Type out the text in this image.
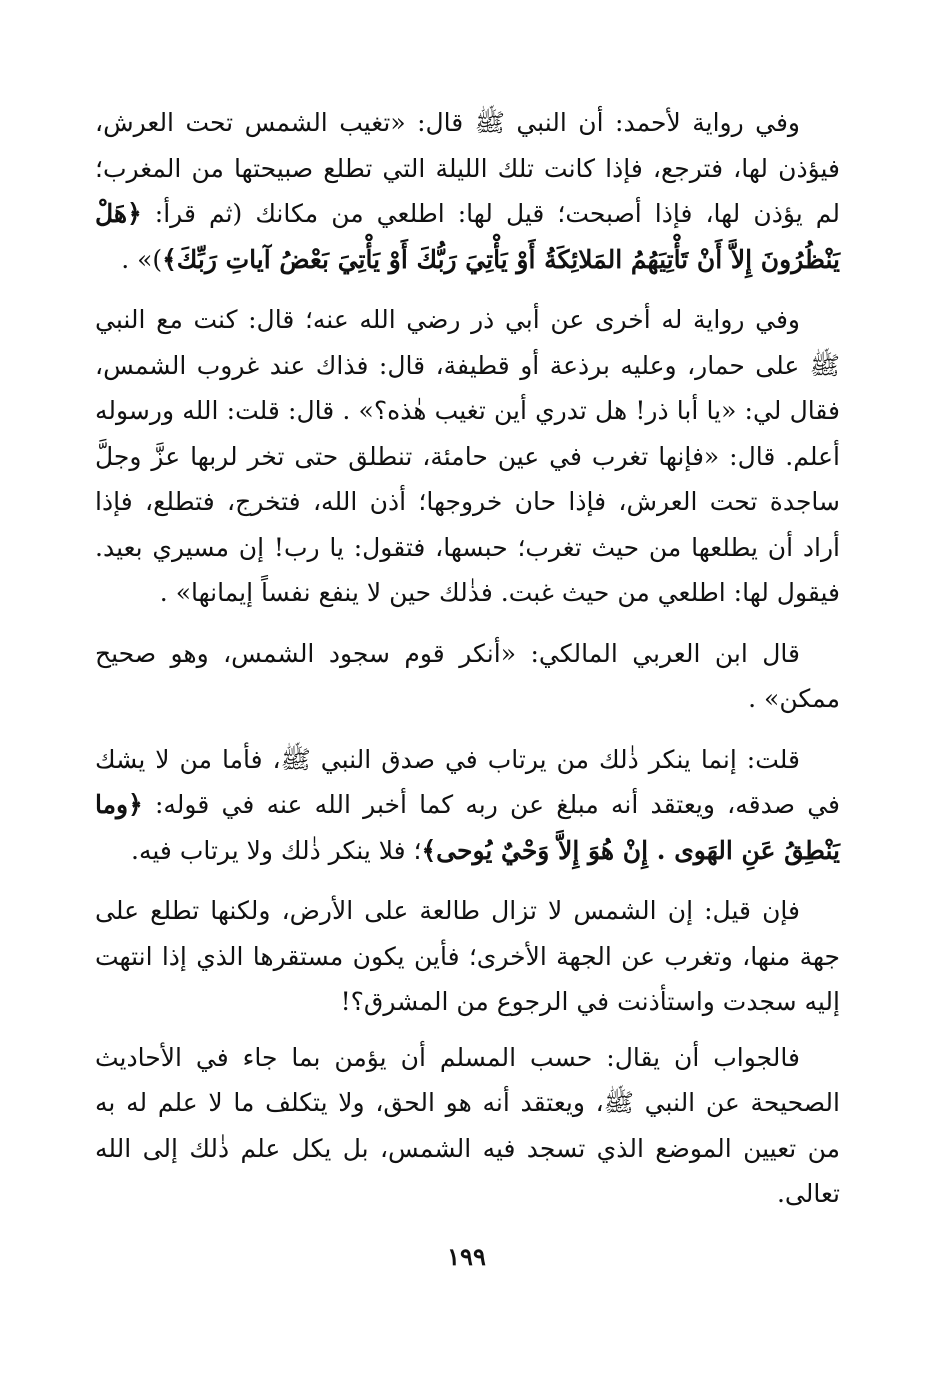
وفي رواية لأحمد: أن النبي ﷺ قال: «تغيب الشمس تحت العرش، فيؤذن لها، فترجع، فإذا كانت تلك الليلة التي تطلع صبيحتها من المغرب؛ لم يؤذن لها، فإذا أصبحت؛ قيل لها: اطلعي من مكانك (ثم قرأ: ﴿هَلْ يَنْظُرُونَ إِلاَّ أَنْ تَأْتِيَهُمُ المَلائِكَةُ أَوْ يَأْتِيَ رَبُّكَ أَوْ يَأْتِيَ بَعْضُ آياتِ رَبِّكَ﴾)» .

وفي رواية له أخرى عن أبي ذر رضي الله عنه؛ قال: كنت مع النبي ﷺ على حمار، وعليه برذعة أو قطيفة، قال: فذاك عند غروب الشمس، فقال لي: «يا أبا ذر! هل تدري أين تغيب هٰذه؟» . قال: قلت: الله ورسوله أعلم. قال: «فإنها تغرب في عين حامئة، تنطلق حتى تخر لربها عزَّ وجلَّ ساجدة تحت العرش، فإذا حان خروجها؛ أذن الله، فتخرج، فتطلع، فإذا أراد أن يطلعها من حيث تغرب؛ حبسها، فتقول: يا رب! إن مسيري بعيد. فيقول لها: اطلعي من حيث غبت. فذٰلك حين لا ينفع نفساً إيمانها» .

قال ابن العربي المالكي: «أنكر قوم سجود الشمس، وهو صحيح ممكن» .

قلت: إنما ينكر ذٰلك من يرتاب في صدق النبي ﷺ، فأما من لا يشك في صدقه، ويعتقد أنه مبلغ عن ربه كما أخبر الله عنه في قوله: ﴿وما يَنْطِقُ عَنِ الهَوى . إِنْ هُوَ إِلاَّ وَحْيٌ يُوحى﴾؛ فلا ينكر ذٰلك ولا يرتاب فيه.

فإن قيل: إن الشمس لا تزال طالعة على الأرض، ولكنها تطلع على جهة منها، وتغرب عن الجهة الأخرى؛ فأين يكون مستقرها الذي إذا انتهت إليه سجدت واستأذنت في الرجوع من المشرق؟!

فالجواب أن يقال: حسب المسلم أن يؤمن بما جاء في الأحاديث الصحيحة عن النبي ﷺ، ويعتقد أنه هو الحق، ولا يتكلف ما لا علم له به من تعيين الموضع الذي تسجد فيه الشمس، بل يكل علم ذٰلك إلى الله تعالى.

١٩٩
